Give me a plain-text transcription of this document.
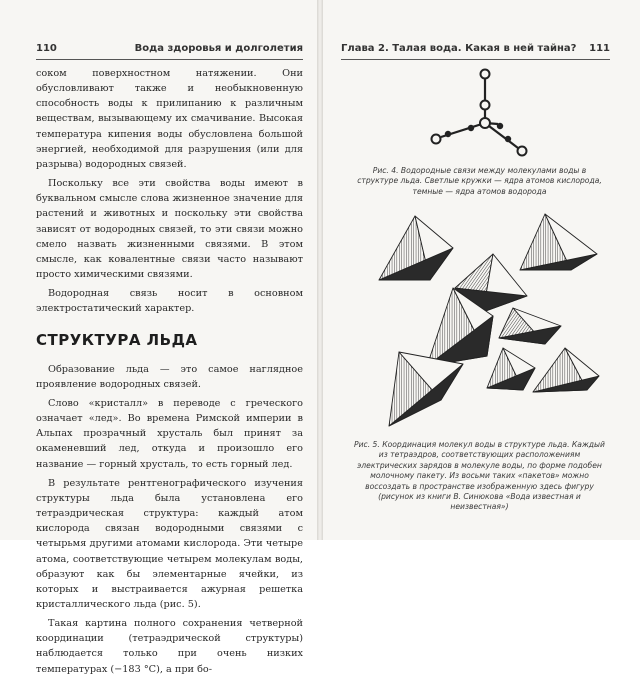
110	Вода здоровья и долголетия

соком поверхностном натяжении. Они обусловливают также и необыкновенную способность воды к прилипанию к различным веществам, вызывающему их смачивание. Высокая температура кипения воды обусловлена большой энергией, необходимой для разрушения (или для разрыва) водородных связей.

Поскольку все эти свойства воды имеют в буквальном смысле слова жизненное значение для растений и животных и поскольку эти свойства зависят от водородных связей, то эти связи можно смело назвать жизненными связями. В этом смысле, как ковалентные связи часто называют просто химическими связями.

Водородная связь носит в основном электростатический характер.

СТРУКТУРА ЛЬДА

Образование льда — это самое наглядное проявление водородных связей.

Слово «кристалл» в переводе с греческого означает «лед». Во времена Римской империи в Альпах прозрачный хрусталь был принят за окаменевший лед, откуда и произошло его название — горный хрусталь, то есть горный лед.

В результате рентгенографического изучения структуры льда была установлена его тетраэдрическая структура: каждый атом кислорода связан водородными связями с четырьмя другими атомами кислорода. Эти четыре атома, соответствующие четырем молекулам воды, образуют как бы элементарные ячейки, из которых и выстраивается ажурная решетка кристаллического льда (рис. 5).

Такая картина полного сохранения четверной координации (тетраэдрической структуры) наблюдается только при очень низких температурах (−183 °С), а при бо-

Глава 2. Талая вода. Какая в ней тайна? 111
Рис. 4. Водородные связи между молекулами воды в структуре льда. Светлые кружки — ядра атомов кислорода, темные — ядра атомов водорода
Рис. 5. Координация молекул воды в структуре льда. Каждый из тетраэдров, соответствующих расположениям электрических зарядов в молекуле воды, по форме подобен молочному пакету. Из восьми таких «пакетов» можно воссоздать в пространстве изображенную здесь фигуру (рисунок из книги В. Синюкова «Вода известная и неизвестная»)
